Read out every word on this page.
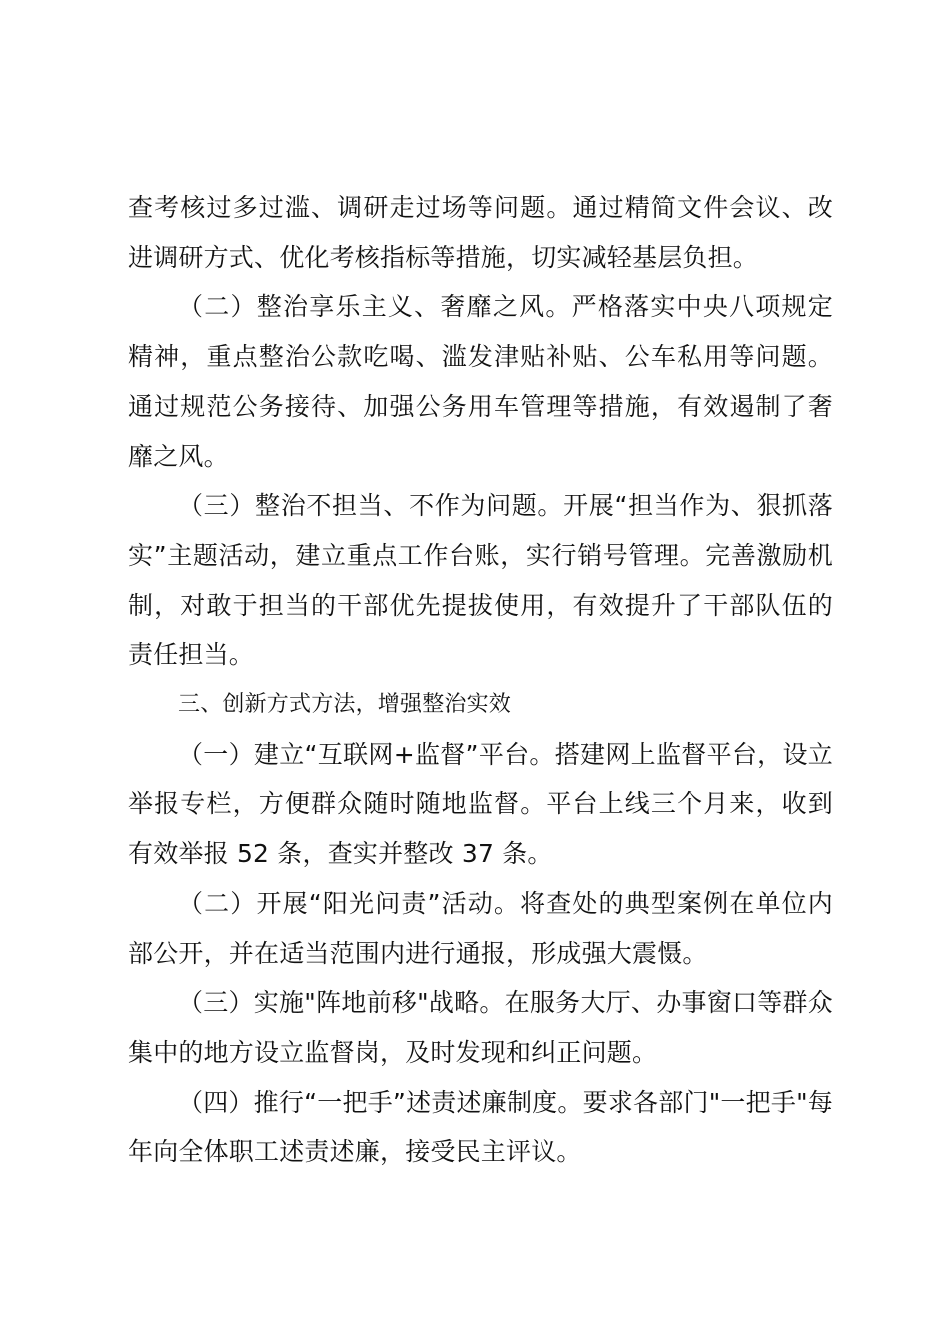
查考核过多过滥、调研走过场等问题。通过精简文件会议、改进调研方式、优化考核指标等措施，切实减轻基层负担。

（二）整治享乐主义、奢靡之风。严格落实中央八项规定精神，重点整治公款吃喝、滥发津贴补贴、公车私用等问题。通过规范公务接待、加强公务用车管理等措施，有效遏制了奢靡之风。

（三）整治不担当、不作为问题。开展“担当作为、狠抓落实”主题活动，建立重点工作台账，实行销号管理。完善激励机制，对敢于担当的干部优先提拔使用，有效提升了干部队伍的责任担当。

三、创新方式方法，增强整治实效

（一）建立“互联网+监督”平台。搭建网上监督平台，设立举报专栏，方便群众随时随地监督。平台上线三个月来，收到有效举报 52 条，查实并整改 37 条。

（二）开展“阳光问责”活动。将查处的典型案例在单位内部公开，并在适当范围内进行通报，形成强大震慑。

（三）实施"阵地前移"战略。在服务大厅、办事窗口等群众集中的地方设立监督岗，及时发现和纠正问题。

（四）推行“一把手”述责述廉制度。要求各部门"一把手"每年向全体职工述责述廉，接受民主评议。
